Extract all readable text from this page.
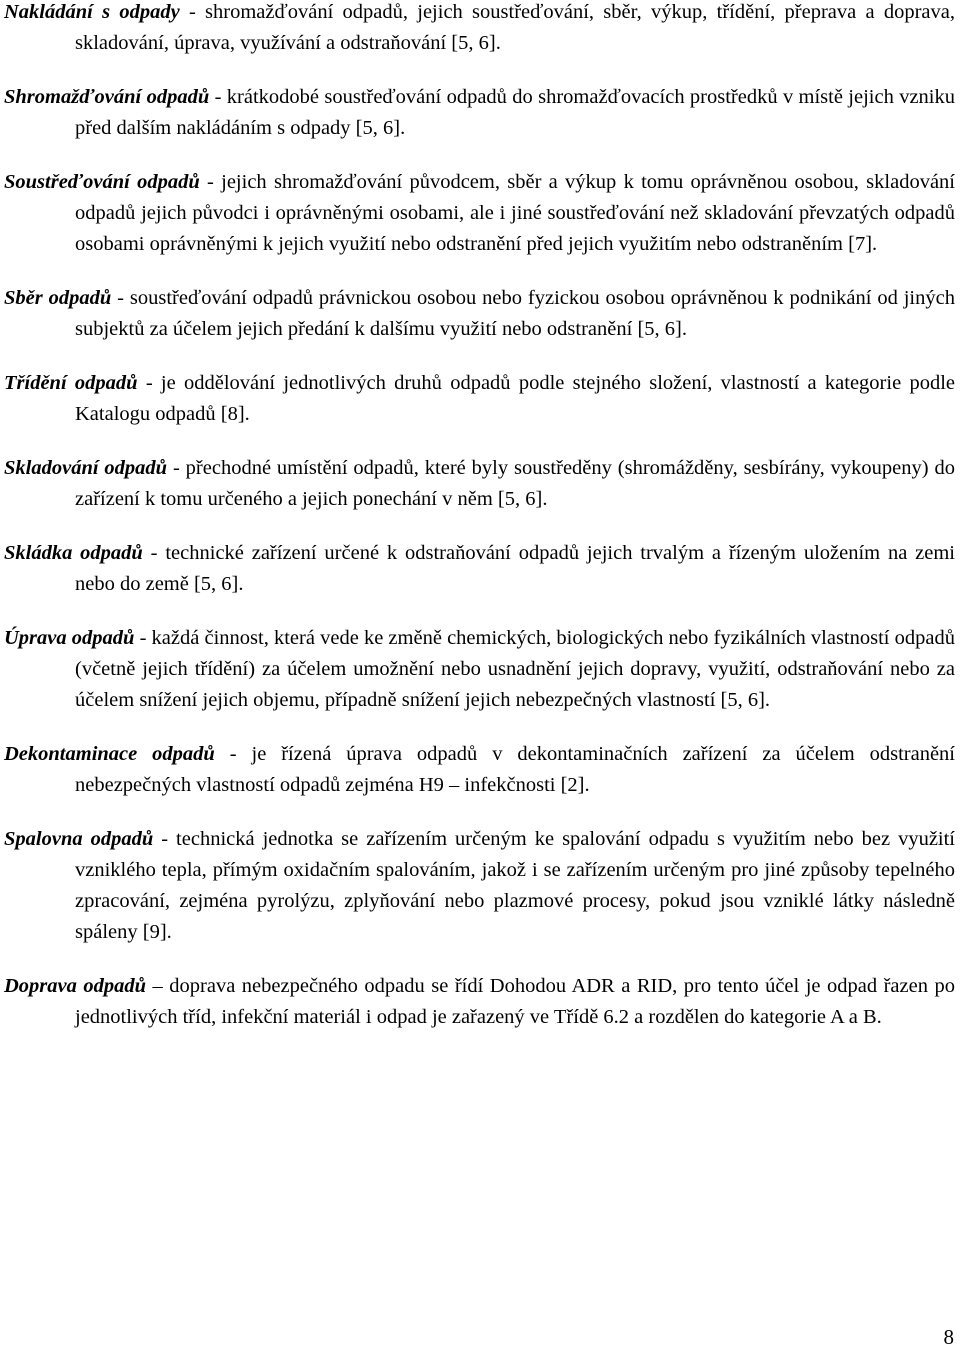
Nakládání s odpady - shromažďování odpadů, jejich soustřeďování, sběr, výkup, třídění, přeprava a doprava, skladování, úprava, využívání a odstraňování [5, 6].

Shromažďování odpadů - krátkodobé soustřeďování odpadů do shromažďovacích prostředků v místě jejich vzniku před dalším nakládáním s odpady [5, 6].

Soustřeďování odpadů - jejich shromažďování původcem, sběr a výkup k tomu oprávněnou osobou, skladování odpadů jejich původci i oprávněnými osobami, ale i jiné soustřeďování než skladování převzatých odpadů osobami oprávněnými k jejich využití nebo odstranění před jejich využitím nebo odstraněním [7].

Sběr odpadů - soustřeďování odpadů právnickou osobou nebo fyzickou osobou oprávněnou k podnikání od jiných subjektů za účelem jejich předání k dalšímu využití nebo odstranění [5, 6].

Třídění odpadů - je oddělování jednotlivých druhů odpadů podle stejného složení, vlastností a kategorie podle Katalogu odpadů [8].

Skladování odpadů - přechodné umístění odpadů, které byly soustředěny (shromážděny, sesbírány, vykoupeny) do zařízení k tomu určeného a jejich ponechání v něm [5, 6].

Skládka odpadů - technické zařízení určené k odstraňování odpadů jejich trvalým a řízeným uložením na zemi nebo do země [5, 6].

Úprava odpadů - každá činnost, která vede ke změně chemických, biologických nebo fyzikálních vlastností odpadů (včetně jejich třídění) za účelem umožnění nebo usnadnění jejich dopravy, využití, odstraňování nebo za účelem snížení jejich objemu, případně snížení jejich nebezpečných vlastností [5, 6].

Dekontaminace odpadů - je řízená úprava odpadů v dekontaminačních zařízení za účelem odstranění nebezpečných vlastností odpadů zejména H9 – infekčnosti [2].

Spalovna odpadů - technická jednotka se zařízením určeným ke spalování odpadu s využitím nebo bez využití vzniklého tepla, přímým oxidačním spalováním, jakož i se zařízením určeným pro jiné způsoby tepelného zpracování, zejména pyrolýzu, zplyňování nebo plazmové procesy, pokud jsou vzniklé látky následně spáleny [9].

Doprava odpadů – doprava nebezpečného odpadu se řídí Dohodou ADR a RID, pro tento účel je odpad řazen po jednotlivých tříd, infekční materiál i odpad je zařazený ve Třídě 6.2 a rozdělen do kategorie A a B.

8
